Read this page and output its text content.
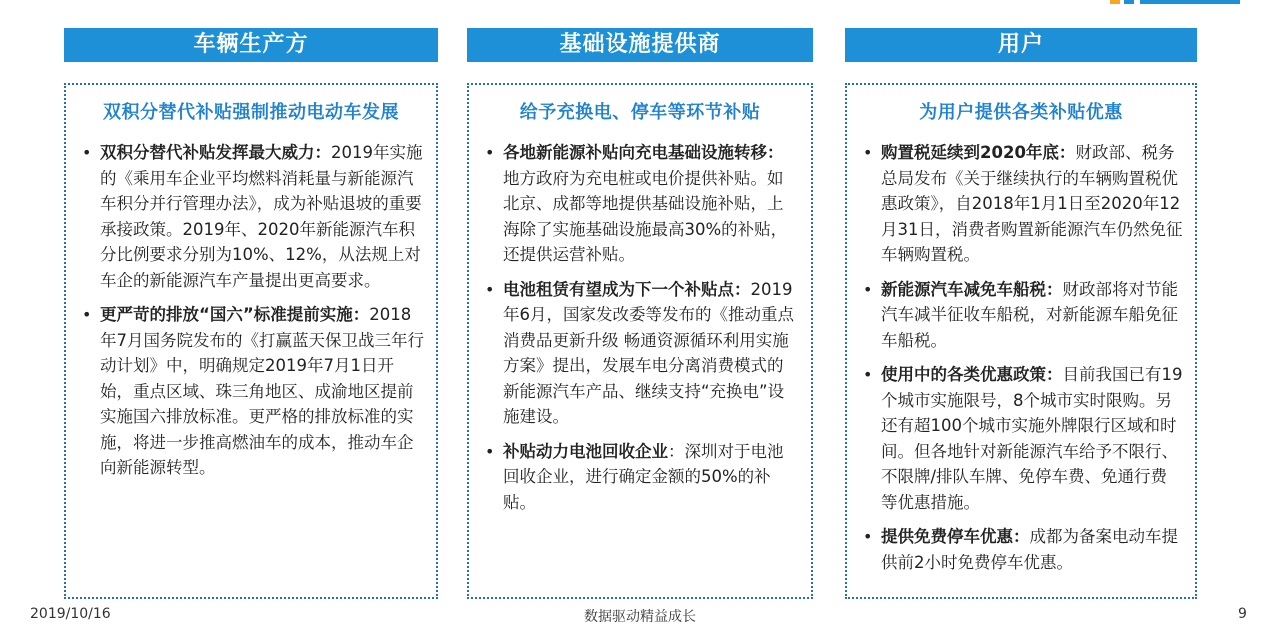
车辆生产方
双积分替代补贴强制推动电动车发展
• 双积分替代补贴发挥最大威力：2019年实施的《乘用车企业平均燃料消耗量与新能源汽车积分并行管理办法》，成为补贴退坡的重要承接政策。2019年、2020年新能源汽车积分比例要求分别为10%、12%，从法规上对车企的新能源汽车产量提出更高要求。
• 更严苛的排放“国六”标准提前实施：2018年7月国务院发布的《打赢蓝天保卫战三年行动计划》中，明确规定2019年7月1日开始，重点区域、珠三角地区、成渝地区提前实施国六排放标准。更严格的排放标准的实施，将进一步推高燃油车的成本，推动车企向新能源转型。
基础设施提供商
给予充换电、停车等环节补贴
• 各地新能源补贴向充电基础设施转移：地方政府为充电桩或电价提供补贴。如北京、成都等地提供基础设施补贴，上海除了实施基础设施最高30%的补贴，还提供运营补贴。
• 电池租赁有望成为下一个补贴点：2019年6月，国家发改委等发布的《推动重点消费品更新升级 畅通资源循环利用实施方案》提出，发展车电分离消费模式的新能源汽车产品、继续支持“充换电”设施建设。
• 补贴动力电池回收企业：深圳对于电池回收企业，进行确定金额的50%的补贴。
用户
为用户提供各类补贴优惠
• 购置税延续到2020年底：财政部、税务总局发布《关于继续执行的车辆购置税优惠政策》，自2018年1月1日至2020年12月31日，消费者购置新能源汽车仍然免征车辆购置税。
• 新能源汽车减免车船税：财政部将对节能汽车减半征收车船税，对新能源车船免征车船税。
• 使用中的各类优惠政策：目前我国已有19个城市实施限号，8个城市实时限购。另还有超100个城市实施外牌限行区域和时间。但各地针对新能源汽车给予不限行、不限牌/排队车牌、免停车费、免通行费等优惠措施。
• 提供免费停车优惠：成都为备案电动车提供前2小时免费停车优惠。
2019/10/16	数据驱动精益成长	9
